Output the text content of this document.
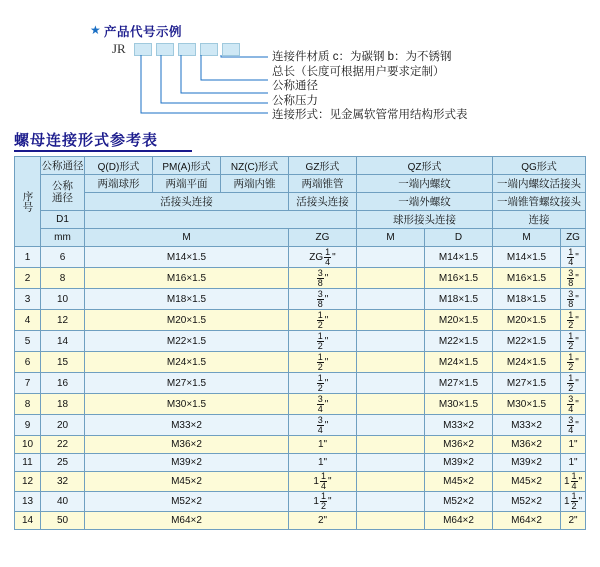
★ 产品代号示例
JR
连接件材质 c：为碳钢 b：为不锈钢
总长（长度可根据用户要求定制）
公称通径
公称压力
连接形式：见金属软管常用结构形式表
螺母连接形式参考表
序号	公称通径	Q(D)形式	PM(A)形式	NZ(C)形式	GZ形式	QZ形式		QG形式	

	公称
通径	两端球形	两端平面	两端内锥	两端锥管	一端内螺纹		一端内螺纹活接头	
		活接头连接			活接头连接	一端外螺纹		一端锥管螺纹接头	
	D1					球形接头连接		连接	
	mm	M			ZG	M	D	M	ZG
1	6	M14×1.5			ZG $\frac{1}{4}$ "		M14×1.5	M14×1.5	$\frac{1}{4}$ "

2	8	M16×1.5			$\frac{3}{8}$ "		M16×1.5	M16×1.5	$\frac{3}{8}$ "

3	10	M18×1.5			$\frac{3}{8}$ "		M18×1.5	M18×1.5	$\frac{3}{8}$ "

4	12	M20×1.5			$\frac{1}{2}$ "		M20×1.5	M20×1.5	$\frac{1}{2}$ "

5	14	M22×1.5			$\frac{1}{2}$ "		M22×1.5	M22×1.5	$\frac{1}{2}$ "

6	15	M24×1.5			$\frac{1}{2}$ "		M24×1.5	M24×1.5	$\frac{1}{2}$ "

7	16	M27×1.5			$\frac{1}{2}$ "		M27×1.5	M27×1.5	$\frac{1}{2}$ "

8	18	M30×1.5			$\frac{3}{4}$ "		M30×1.5	M30×1.5	$\frac{3}{4}$ "

9	20	M33×2			$\frac{3}{4}$ "		M33×2	M33×2	$\frac{3}{4}$ "

10	22	M36×2			1"		M36×2	M36×2	1"
11	25	M39×2			1"		M39×2	M39×2	1"
12	32	M45×2			$1 \frac{1}{4}$ "		M45×2	M45×2	$1 \frac{1}{4}$ "

13	40	M52×2			$1 \frac{1}{2}$ "		M52×2	M52×2	$1 \frac{1}{2}$ "

14	50	M64×2			2"		M64×2	M64×2	2"
